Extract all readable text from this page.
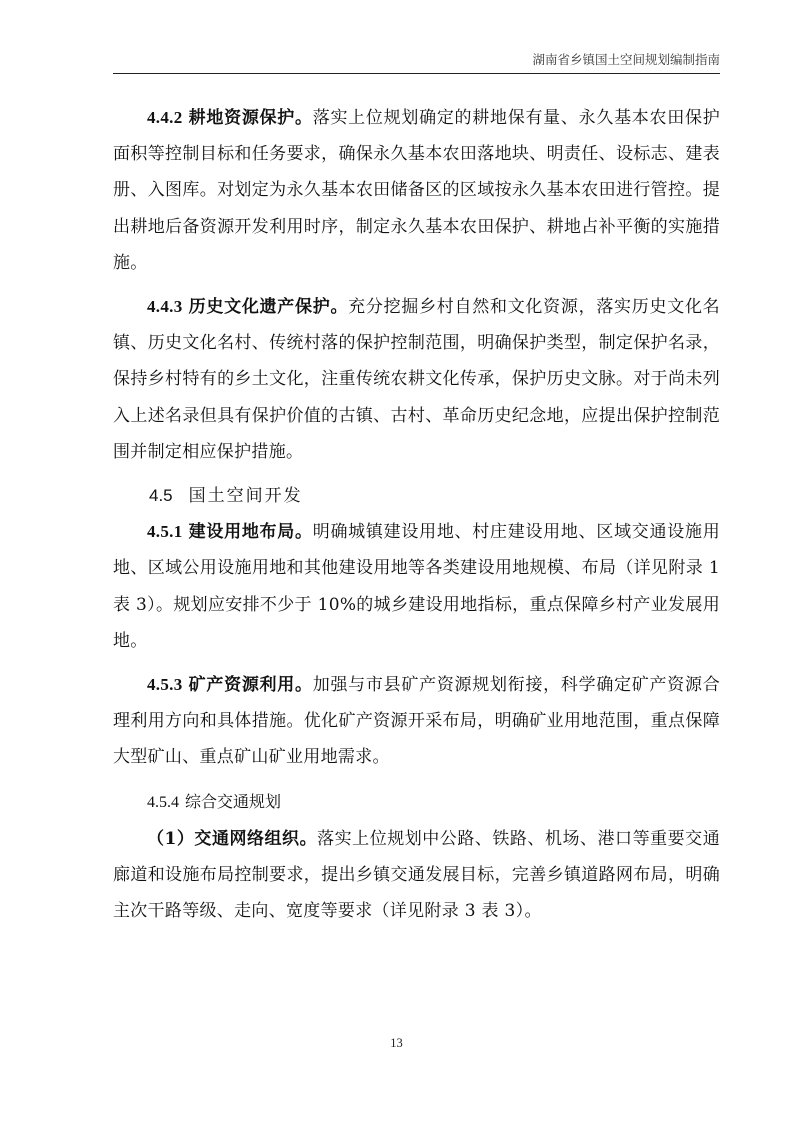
湖南省乡镇国土空间规划编制指南

4.4.2 耕地资源保护。落实上位规划确定的耕地保有量、永久基本农田保护面积等控制目标和任务要求，确保永久基本农田落地块、明责任、设标志、建表册、入图库。对划定为永久基本农田储备区的区域按永久基本农田进行管控。提出耕地后备资源开发利用时序，制定永久基本农田保护、耕地占补平衡的实施措施。

4.4.3 历史文化遗产保护。充分挖掘乡村自然和文化资源，落实历史文化名镇、历史文化名村、传统村落的保护控制范围，明确保护类型，制定保护名录，保持乡村特有的乡土文化，注重传统农耕文化传承，保护历史文脉。对于尚未列入上述名录但具有保护价值的古镇、古村、革命历史纪念地，应提出保护控制范围并制定相应保护措施。

4.5 国土空间开发

4.5.1 建设用地布局。明确城镇建设用地、村庄建设用地、区域交通设施用地、区域公用设施用地和其他建设用地等各类建设用地规模、布局（详见附录 1 表 3）。规划应安排不少于 10%的城乡建设用地指标，重点保障乡村产业发展用地。

4.5.3 矿产资源利用。加强与市县矿产资源规划衔接，科学确定矿产资源合理利用方向和具体措施。优化矿产资源开采布局，明确矿业用地范围，重点保障大型矿山、重点矿山矿业用地需求。

4.5.4 综合交通规划

（1）交通网络组织。落实上位规划中公路、铁路、机场、港口等重要交通廊道和设施布局控制要求，提出乡镇交通发展目标，完善乡镇道路网布局，明确主次干路等级、走向、宽度等要求（详见附录 3 表 3）。

13
